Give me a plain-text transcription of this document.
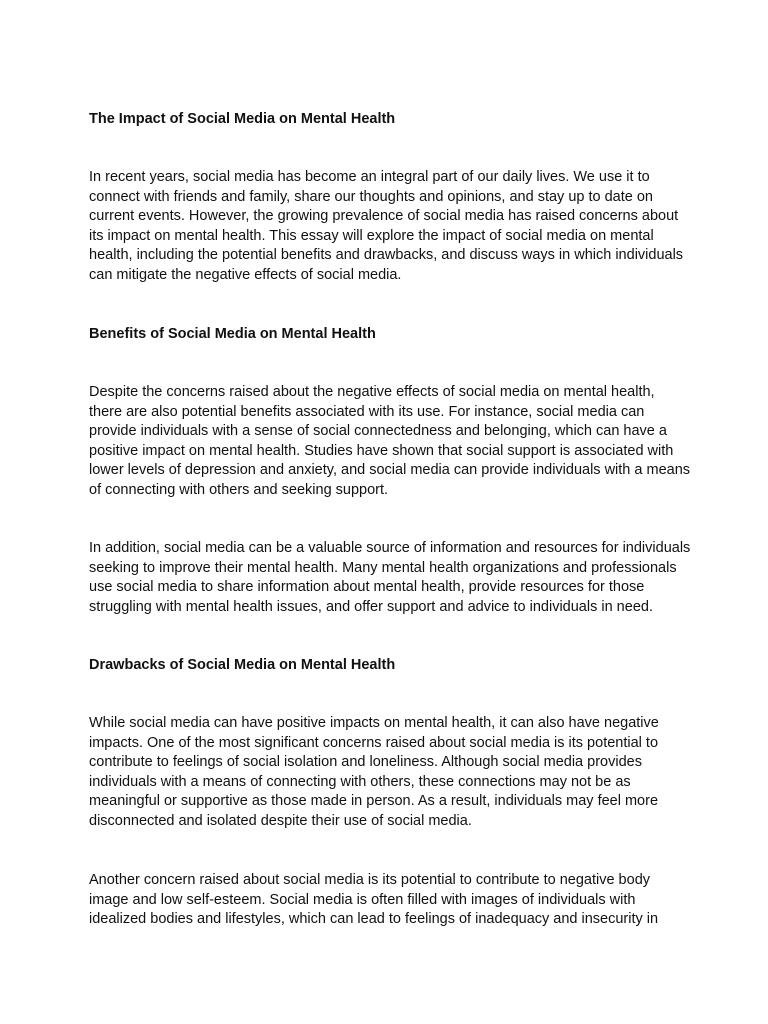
The Impact of Social Media on Mental Health

In recent years, social media has become an integral part of our daily lives. We use it to
connect with friends and family, share our thoughts and opinions, and stay up to date on
current events. However, the growing prevalence of social media has raised concerns about
its impact on mental health. This essay will explore the impact of social media on mental
health, including the potential benefits and drawbacks, and discuss ways in which individuals
can mitigate the negative effects of social media.

Benefits of Social Media on Mental Health

Despite the concerns raised about the negative effects of social media on mental health,
there are also potential benefits associated with its use. For instance, social media can
provide individuals with a sense of social connectedness and belonging, which can have a
positive impact on mental health. Studies have shown that social support is associated with
lower levels of depression and anxiety, and social media can provide individuals with a means
of connecting with others and seeking support.

In addition, social media can be a valuable source of information and resources for individuals
seeking to improve their mental health. Many mental health organizations and professionals
use social media to share information about mental health, provide resources for those
struggling with mental health issues, and offer support and advice to individuals in need.

Drawbacks of Social Media on Mental Health

While social media can have positive impacts on mental health, it can also have negative
impacts. One of the most significant concerns raised about social media is its potential to
contribute to feelings of social isolation and loneliness. Although social media provides
individuals with a means of connecting with others, these connections may not be as
meaningful or supportive as those made in person. As a result, individuals may feel more
disconnected and isolated despite their use of social media.

Another concern raised about social media is its potential to contribute to negative body
image and low self-esteem. Social media is often filled with images of individuals with
idealized bodies and lifestyles, which can lead to feelings of inadequacy and insecurity in
